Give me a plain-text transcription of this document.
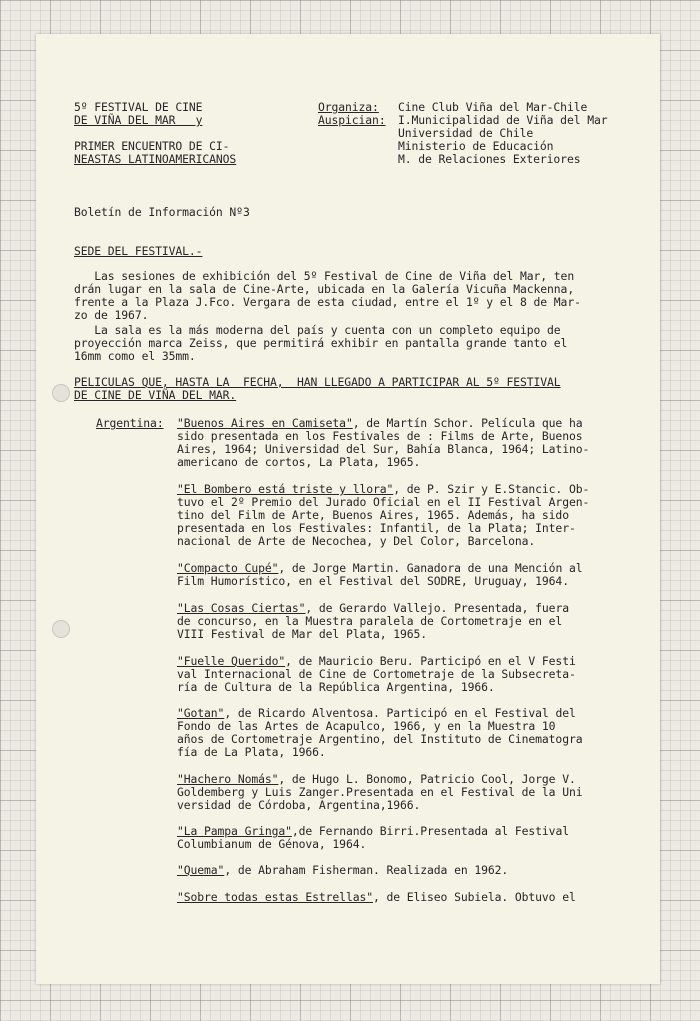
5º FESTIVAL DE CINE
DE VIÑA DEL MAR   y
PRIMER ENCUENTRO DE CI-
NEASTAS LATINOAMERICANOS
Organiza: Cine Club Viña del Mar-Chile
Auspician: I.Municipalidad de Viña del Mar
Universidad de Chile
Ministerio de Educación
M. de Relaciones Exteriores
Boletín de Información Nº3
SEDE DEL FESTIVAL.-
Las sesiones de exhibición del 5º Festival de Cine de Viña del Mar, ten
drán lugar en la sala de Cine-Arte, ubicada en la Galería Vicuña Mackenna,
frente a la Plaza J.Fco. Vergara de esta ciudad, entre el 1º y el 8 de Mar-
zo de 1967.
La sala es la más moderna del país y cuenta con un completo equipo de
proyección marca Zeiss, que permitirá exhibir en pantalla grande tanto el
16mm como el 35mm.
PELICULAS QUE, HASTA LA  FECHA,  HAN LLEGADO A PARTICIPAR AL 5º FESTIVAL
DE CINE DE VIÑA DEL MAR.
Argentina: "Buenos Aires en Camiseta", de Martín Schor. Película que ha
sido presentada en los Festivales de : Films de Arte, Buenos
Aires, 1964; Universidad del Sur, Bahía Blanca, 1964; Latino-
americano de cortos, La Plata, 1965.
"El Bombero está triste y llora", de P. Szir y E.Stancic. Ob-
tuvo el 2º Premio del Jurado Oficial en el II Festival Argen-
tino del Film de Arte, Buenos Aires, 1965. Además, ha sido
presentada en los Festivales: Infantil, de la Plata; Inter-
nacional de Arte de Necochea, y Del Color, Barcelona.
"Compacto Cupé", de Jorge Martin. Ganadora de una Mención al
Film Humorístico, en el Festival del SODRE, Uruguay, 1964.
"Las Cosas Ciertas", de Gerardo Vallejo. Presentada, fuera
de concurso, en la Muestra paralela de Cortometraje en el
VIII Festival de Mar del Plata, 1965.
"Fuelle Querido", de Mauricio Beru. Participó en el V Festi
val Internacional de Cine de Cortometraje de la Subsecreta-
ría de Cultura de la República Argentina, 1966.
"Gotan", de Ricardo Alventosa. Participó en el Festival del
Fondo de las Artes de Acapulco, 1966, y en la Muestra 10
años de Cortometraje Argentino, del Instituto de Cinematogra
fía de La Plata, 1966.
"Hachero Nomás", de Hugo L. Bonomo, Patricio Cool, Jorge V.
Goldemberg y Luis Zanger.Presentada en el Festival de la Uni
versidad de Córdoba, Argentina,1966.
"La Pampa Gringa",de Fernando Birri.Presentada al Festival
Columbianum de Génova, 1964.
"Quema", de Abraham Fisherman. Realizada en 1962.
"Sobre todas estas Estrellas", de Eliseo Subiela. Obtuvo el
